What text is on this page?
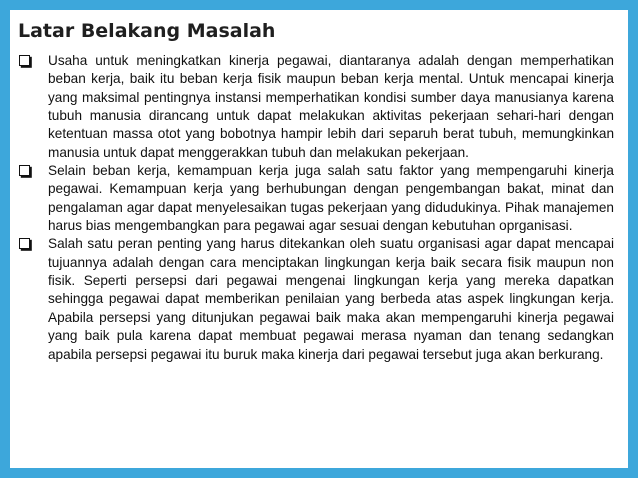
Latar Belakang Masalah
Usaha untuk meningkatkan kinerja pegawai, diantaranya adalah dengan memperhatikan beban kerja, baik itu beban kerja fisik maupun beban kerja mental. Untuk mencapai kinerja yang maksimal pentingnya instansi memperhatikan kondisi sumber daya manusianya karena tubuh manusia dirancang untuk dapat melakukan aktivitas pekerjaan sehari-hari dengan ketentuan massa otot yang bobotnya hampir lebih dari separuh berat tubuh, memungkinkan manusia untuk dapat menggerakkan tubuh dan melakukan pekerjaan.
Selain beban kerja, kemampuan kerja juga salah satu faktor yang mempengaruhi kinerja pegawai. Kemampuan kerja yang berhubungan dengan pengembangan bakat, minat dan pengalaman agar dapat menyelesaikan tugas pekerjaan yang didudukinya. Pihak manajemen harus bias mengembangkan para pegawai agar sesuai dengan kebutuhan oprganisasi.
Salah satu peran penting yang harus ditekankan oleh suatu organisasi agar dapat mencapai tujuannya adalah dengan cara menciptakan lingkungan kerja baik secara fisik maupun non fisik. Seperti persepsi dari pegawai mengenai lingkungan kerja yang mereka dapatkan sehingga pegawai dapat memberikan penilaian yang berbeda atas aspek lingkungan kerja. Apabila persepsi yang ditunjukan pegawai baik maka akan mempengaruhi kinerja pegawai yang baik pula karena dapat membuat pegawai merasa nyaman dan tenang sedangkan apabila persepsi pegawai itu buruk maka kinerja dari pegawai tersebut juga akan berkurang.
